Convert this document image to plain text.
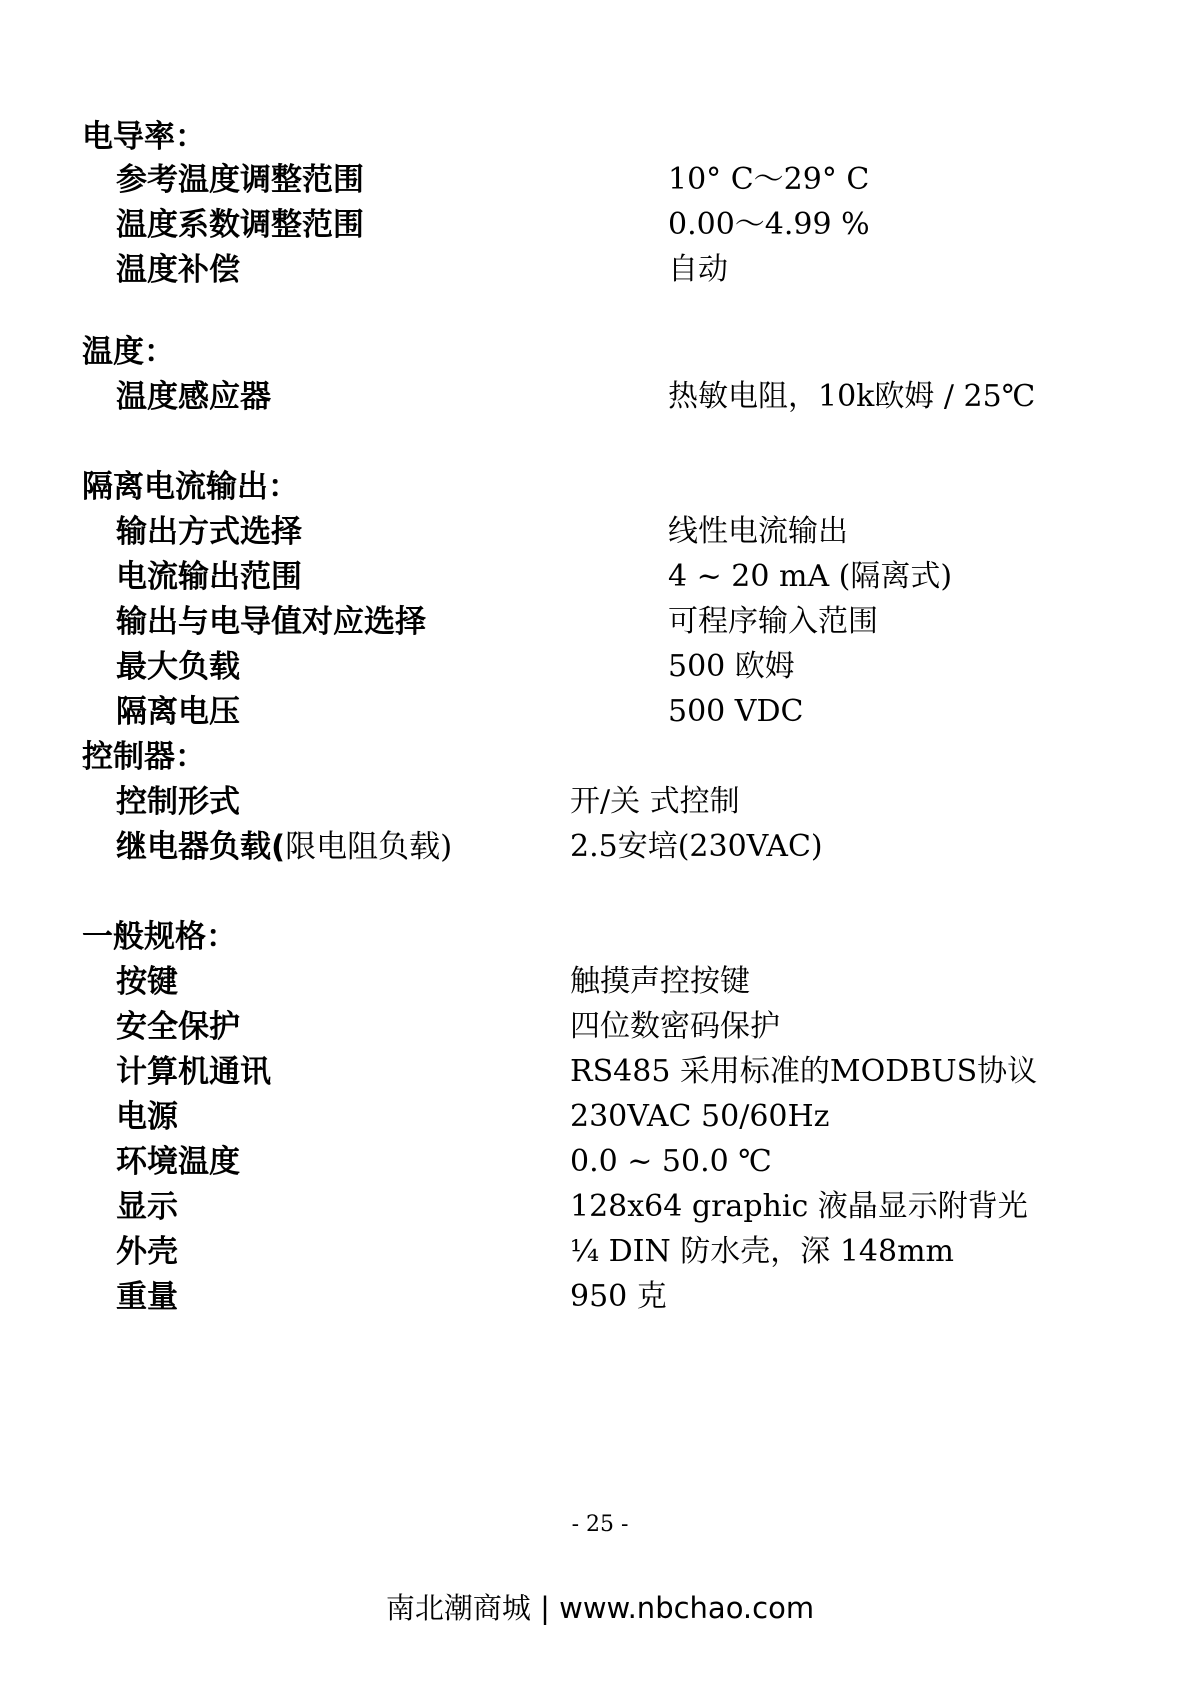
电导率：
参考温度调整范围	10° C～29° C
温度系数调整范围	0.00～4.99 %
温度补偿	自动
温度：
温度感应器	热敏电阻，10k欧姆 / 25℃
隔离电流输出：
输出方式选择	线性电流输出
电流输出范围	4 ~ 20 mA (隔离式)
输出与电导值对应选择	可程序输入范围
最大负载	500 欧姆
隔离电压	500 VDC
控制器：
控制形式	开/关 式控制
继电器负载(限电阻负载)	2.5安培(230VAC)
一般规格：
按键	触摸声控按键
安全保护	四位数密码保护
计算机通讯	RS485 采用标准的MODBUS协议
电源	230VAC 50/60Hz
环境温度	0.0 ~ 50.0 ℃
显示	128x64 graphic 液晶显示附背光
外壳	¼ DIN 防水壳，深 148mm
重量	950 克
- 25 -
南北潮商城 | www.nbchao.com
